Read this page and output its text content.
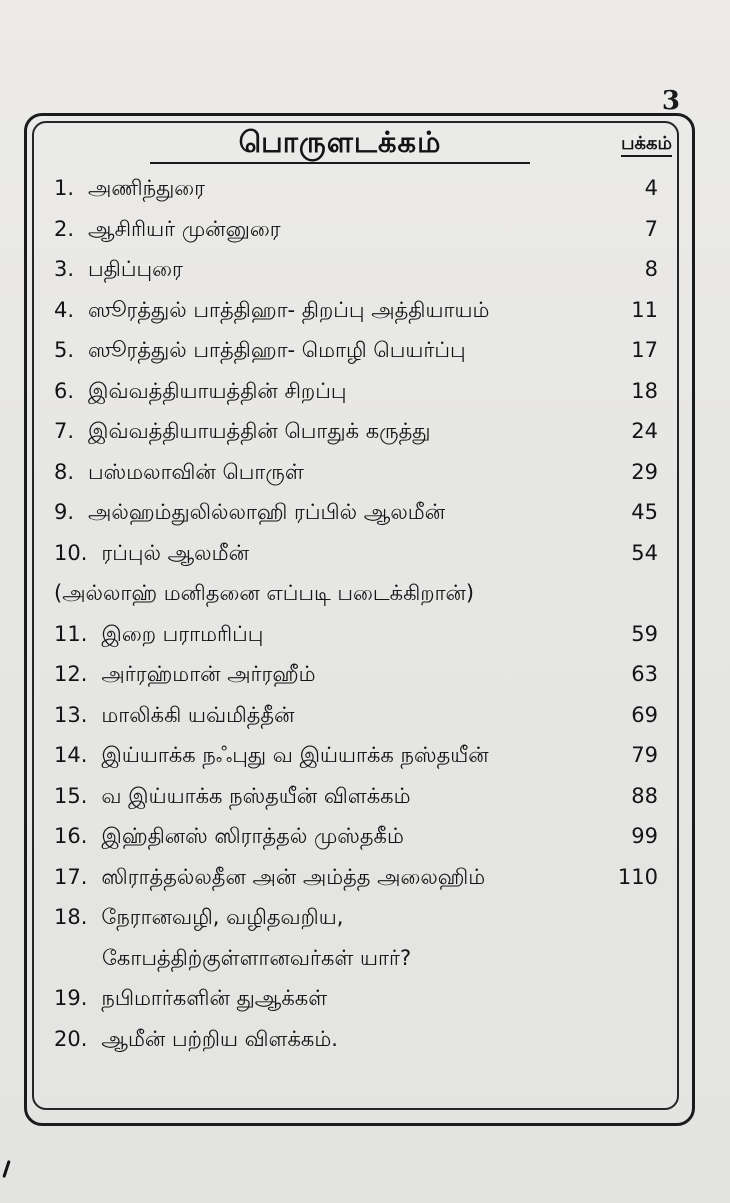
3
பொருளடக்கம்	பக்கம்
1. அணிந்துரை	4
2. ஆசிரியர் முன்னுரை	7
3. பதிப்புரை	8
4. ஸூரத்துல் பாத்திஹா- திறப்பு அத்தியாயம்	11
5. ஸூரத்துல் பாத்திஹா- மொழி பெயர்ப்பு	17
6. இவ்வத்தியாயத்தின் சிறப்பு	18
7. இவ்வத்தியாயத்தின் பொதுக் கருத்து	24
8. பஸ்மலாவின் பொருள்	29
9. அல்ஹம்துலில்லாஹி ரப்பில் ஆலமீன்	45
10. ரப்புல் ஆலமீன்	54
(அல்லாஹ் மனிதனை எப்படி படைக்கிறான்)
11. இறை பராமரிப்பு	59
12. அர்ரஹ்மான் அர்ரஹீம்	63
13. மாலிக்கி யவ்மித்தீன்	69
14. இய்யாக்க நஃபுது வ இய்யாக்க நஸ்தயீன்	79
15. வ இய்யாக்க நஸ்தயீன் விளக்கம்	88
16. இஹ்தினஸ் ஸிராத்தல் முஸ்தகீம்	99
17. ஸிராத்தல்லதீன அன் அம்த்த அலைஹிம்	110
18. நேரானவழி, வழிதவறிய,
கோபத்திற்குள்ளானவர்கள் யார்?
19. நபிமார்களின் துஆக்கள்
20. ஆமீன் பற்றிய விளக்கம்.
